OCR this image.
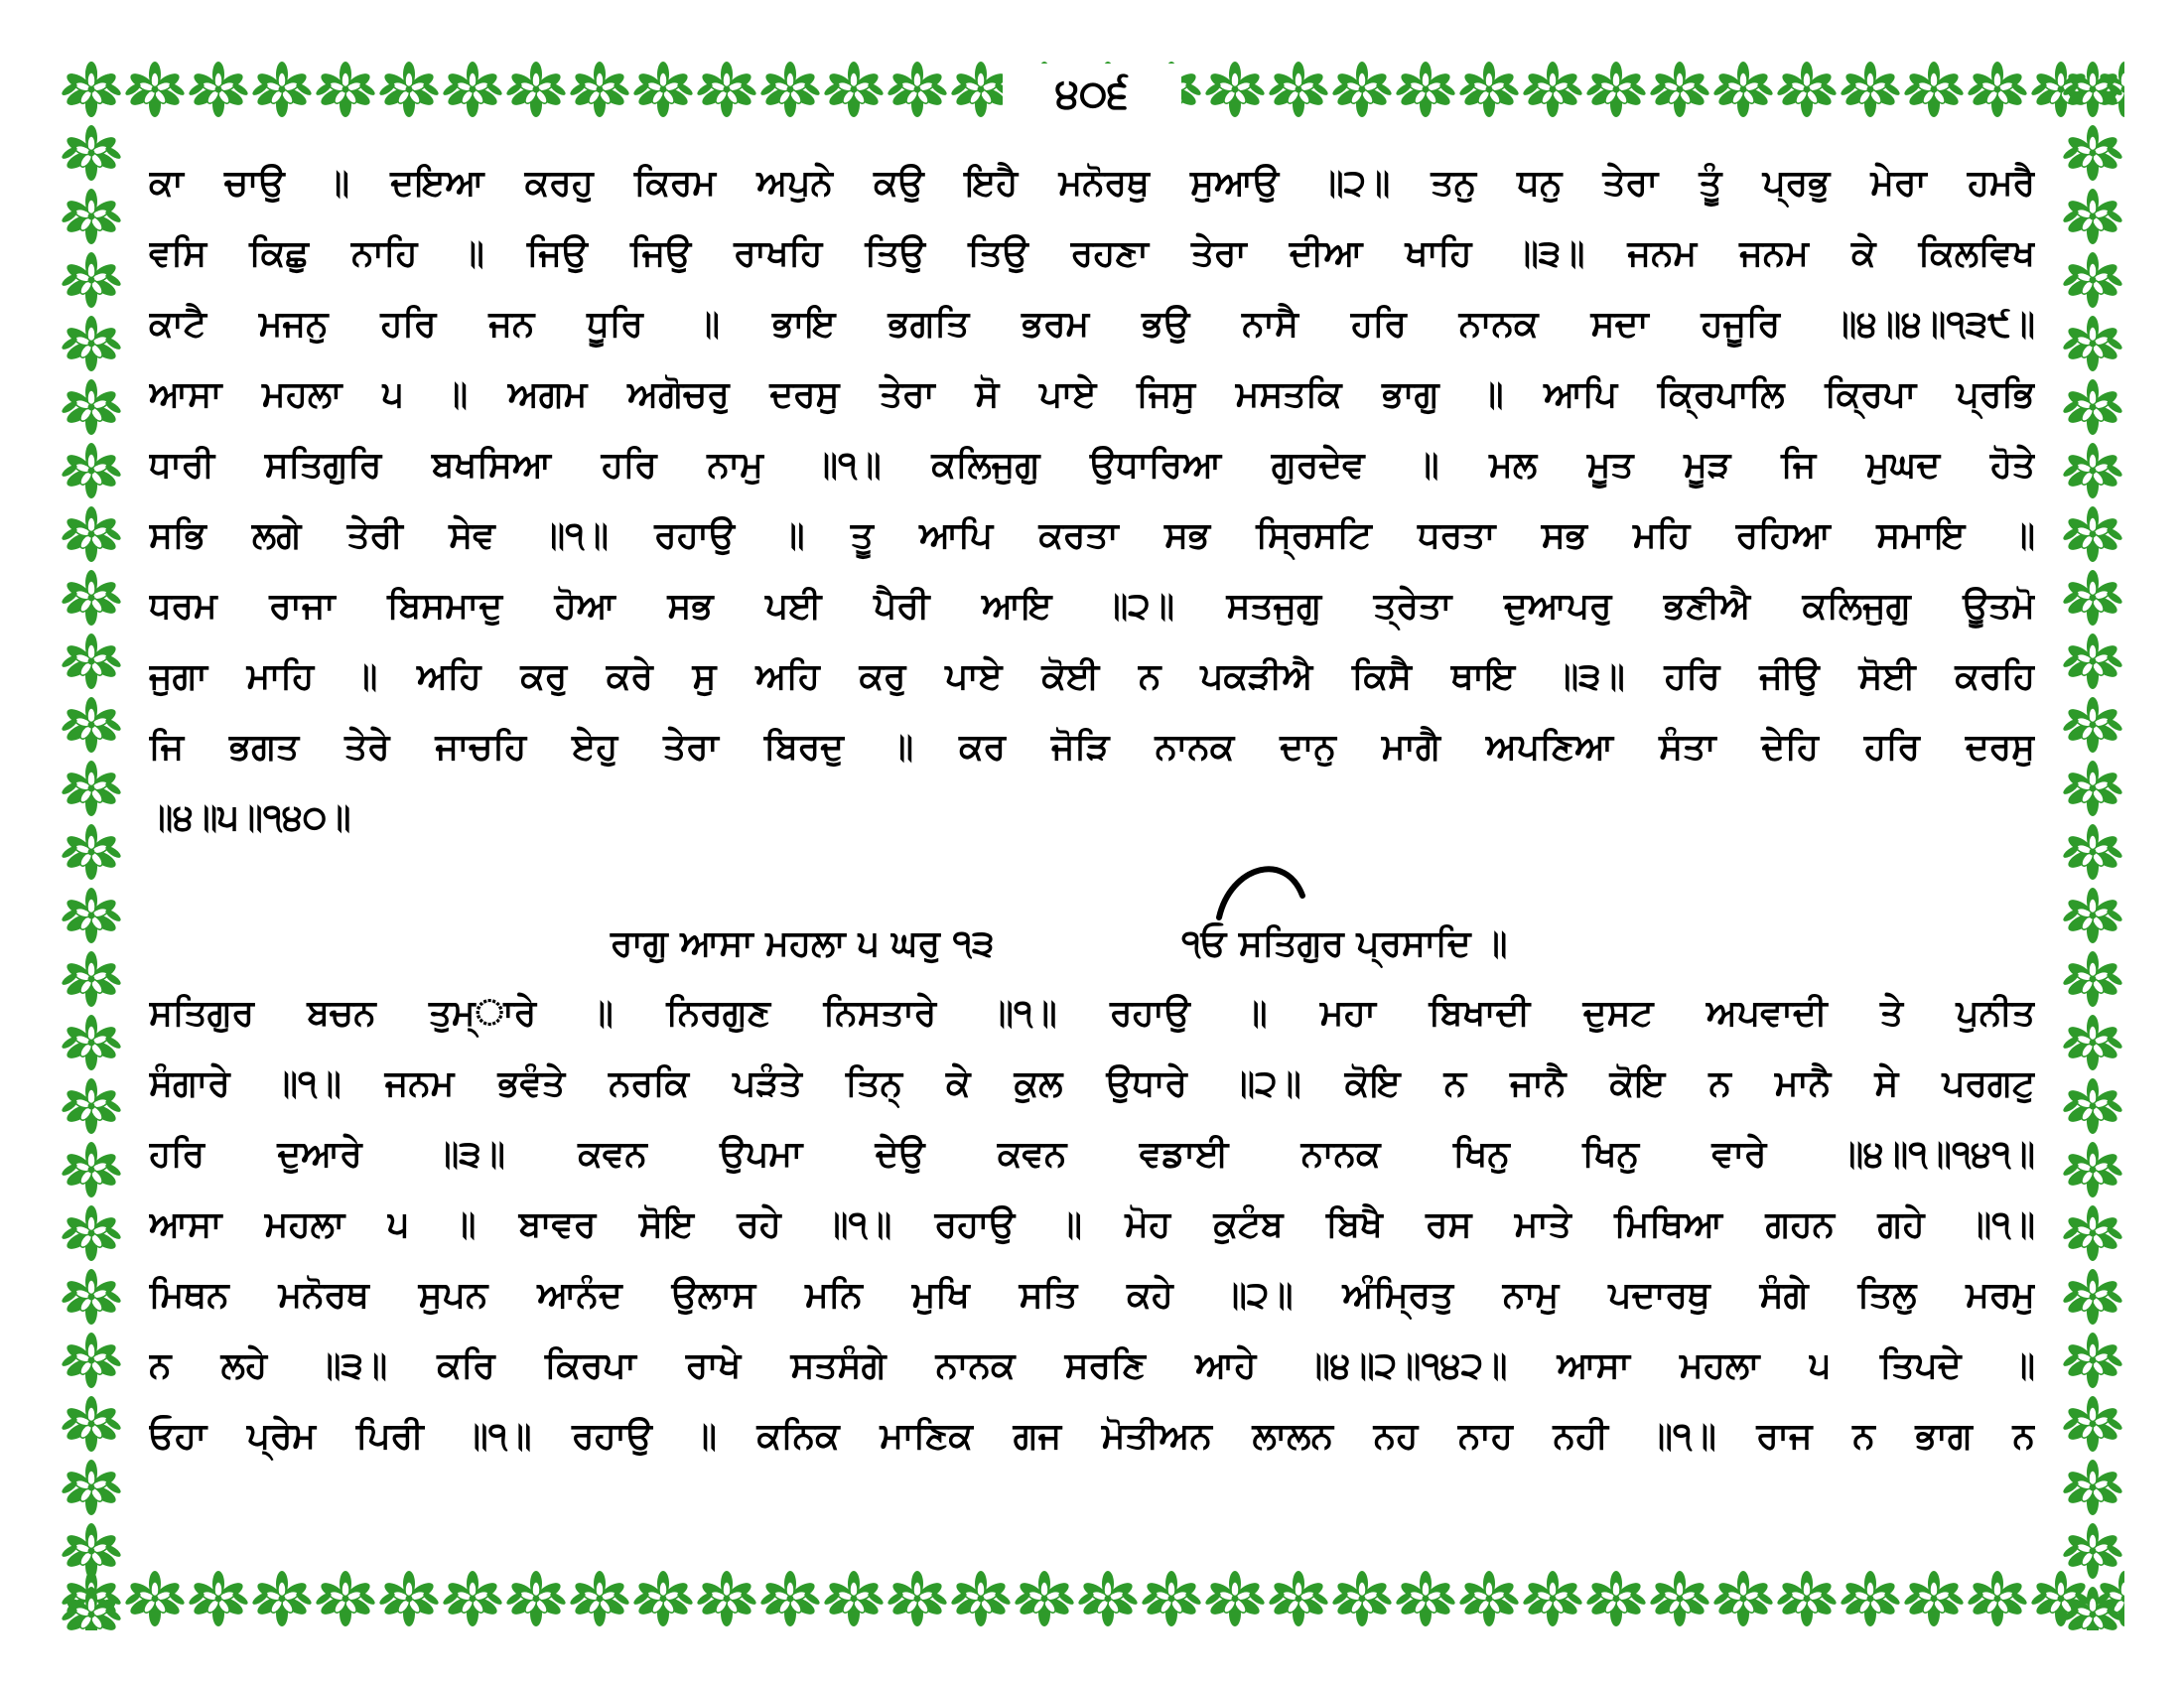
੪੦੬
ਕਾ ਚਾਉ ॥ ਦਇਆ ਕਰਹੁ ਕਿਰਮ ਅਪੁਨੇ ਕਉ ਇਹੈ ਮਨੋਰਥੁ ਸੁਆਉ ॥੨॥ ਤਨੁ ਧਨੁ ਤੇਰਾ ਤੂੰ ਪ੍ਰਭੁ ਮੇਰਾ ਹਮਰੈ
ਵਸਿ ਕਿਛੁ ਨਾਹਿ ॥ ਜਿਉ ਜਿਉ ਰਾਖਹਿ ਤਿਉ ਤਿਉ ਰਹਣਾ ਤੇਰਾ ਦੀਆ ਖਾਹਿ ॥੩॥ ਜਨਮ ਜਨਮ ਕੇ ਕਿਲਵਿਖ
ਕਾਟੈ ਮਜਨੁ ਹਰਿ ਜਨ ਧੂਰਿ ॥ ਭਾਇ ਭਗਤਿ ਭਰਮ ਭਉ ਨਾਸੈ ਹਰਿ ਨਾਨਕ ਸਦਾ ਹਜੂਰਿ ॥੪॥੪॥੧੩੯॥
ਆਸਾ ਮਹਲਾ ੫ ॥ ਅਗਮ ਅਗੋਚਰੁ ਦਰਸੁ ਤੇਰਾ ਸੋ ਪਾਏ ਜਿਸੁ ਮਸਤਕਿ ਭਾਗੁ ॥ ਆਪਿ ਕ੍ਰਿਪਾਲਿ ਕ੍ਰਿਪਾ ਪ੍ਰਭਿ
ਧਾਰੀ ਸਤਿਗੁਰਿ ਬਖਸਿਆ ਹਰਿ ਨਾਮੁ ॥੧॥ ਕਲਿਜੁਗੁ ਉਧਾਰਿਆ ਗੁਰਦੇਵ ॥ ਮਲ ਮੂਤ ਮੂੜ ਜਿ ਮੁਘਦ ਹੋਤੇ
ਸਭਿ ਲਗੇ ਤੇਰੀ ਸੇਵ ॥੧॥ ਰਹਾਉ ॥ ਤੂ ਆਪਿ ਕਰਤਾ ਸਭ ਸ੍ਰਿਸਟਿ ਧਰਤਾ ਸਭ ਮਹਿ ਰਹਿਆ ਸਮਾਇ ॥
ਧਰਮ ਰਾਜਾ ਬਿਸਮਾਦੁ ਹੋਆ ਸਭ ਪਈ ਪੈਰੀ ਆਇ ॥੨॥ ਸਤਜੁਗੁ ਤ੍ਰੇਤਾ ਦੁਆਪਰੁ ਭਣੀਐ ਕਲਿਜੁਗੁ ਊਤਮੋ
ਜੁਗਾ ਮਾਹਿ ॥ ਅਹਿ ਕਰੁ ਕਰੇ ਸੁ ਅਹਿ ਕਰੁ ਪਾਏ ਕੋਈ ਨ ਪਕੜੀਐ ਕਿਸੈ ਥਾਇ ॥੩॥ ਹਰਿ ਜੀਉ ਸੋਈ ਕਰਹਿ
ਜਿ ਭਗਤ ਤੇਰੇ ਜਾਚਹਿ ਏਹੁ ਤੇਰਾ ਬਿਰਦੁ ॥ ਕਰ ਜੋੜਿ ਨਾਨਕ ਦਾਨੁ ਮਾਗੈ ਅਪਣਿਆ ਸੰਤਾ ਦੇਹਿ ਹਰਿ ਦਰਸੁ
॥੪॥੫॥੧੪੦॥
ਰਾਗੁ ਆਸਾ ਮਹਲਾ ੫ ਘਰੁ ੧੩	੧ਓ ਸਤਿਗੁਰ ਪ੍ਰਸਾਦਿ ॥
ਸਤਿਗੁਰ ਬਚਨ ਤੁਮ੍ਾਰੇ ॥ ਨਿਰਗੁਣ ਨਿਸਤਾਰੇ ॥੧॥ ਰਹਾਉ ॥ ਮਹਾ ਬਿਖਾਦੀ ਦੁਸਟ ਅਪਵਾਦੀ ਤੇ ਪੁਨੀਤ
ਸੰਗਾਰੇ ॥੧॥ ਜਨਮ ਭਵੰਤੇ ਨਰਕਿ ਪੜੰਤੇ ਤਿਨ੍ ਕੇ ਕੁਲ ਉਧਾਰੇ ॥੨॥ ਕੋਇ ਨ ਜਾਨੈ ਕੋਇ ਨ ਮਾਨੈ ਸੇ ਪਰਗਟੁ
ਹਰਿ ਦੁਆਰੇ ॥੩॥ ਕਵਨ ਉਪਮਾ ਦੇਉ ਕਵਨ ਵਡਾਈ ਨਾਨਕ ਖਿਨੁ ਖਿਨੁ ਵਾਰੇ ॥੪॥੧॥੧੪੧॥
ਆਸਾ ਮਹਲਾ ੫ ॥ ਬਾਵਰ ਸੋਇ ਰਹੇ ॥੧॥ ਰਹਾਉ ॥ ਮੋਹ ਕੁਟੰਬ ਬਿਖੈ ਰਸ ਮਾਤੇ ਮਿਥਿਆ ਗਹਨ ਗਹੇ ॥੧॥
ਮਿਥਨ ਮਨੋਰਥ ਸੁਪਨ ਆਨੰਦ ਉਲਾਸ ਮਨਿ ਮੁਖਿ ਸਤਿ ਕਹੇ ॥੨॥ ਅੰਮ੍ਰਿਤੁ ਨਾਮੁ ਪਦਾਰਥੁ ਸੰਗੇ ਤਿਲੁ ਮਰਮੁ
ਨ ਲਹੇ ॥੩॥ ਕਰਿ ਕਿਰਪਾ ਰਾਖੇ ਸਤਸੰਗੇ ਨਾਨਕ ਸਰਣਿ ਆਹੇ ॥੪॥੨॥੧੪੨॥ ਆਸਾ ਮਹਲਾ ੫ ਤਿਪਦੇ ॥
ਓਹਾ ਪ੍ਰੇਮ ਪਿਰੀ ॥੧॥ ਰਹਾਉ ॥ ਕਨਿਕ ਮਾਣਿਕ ਗਜ ਮੋਤੀਅਨ ਲਾਲਨ ਨਹ ਨਾਹ ਨਹੀ ॥੧॥ ਰਾਜ ਨ ਭਾਗ ਨ
